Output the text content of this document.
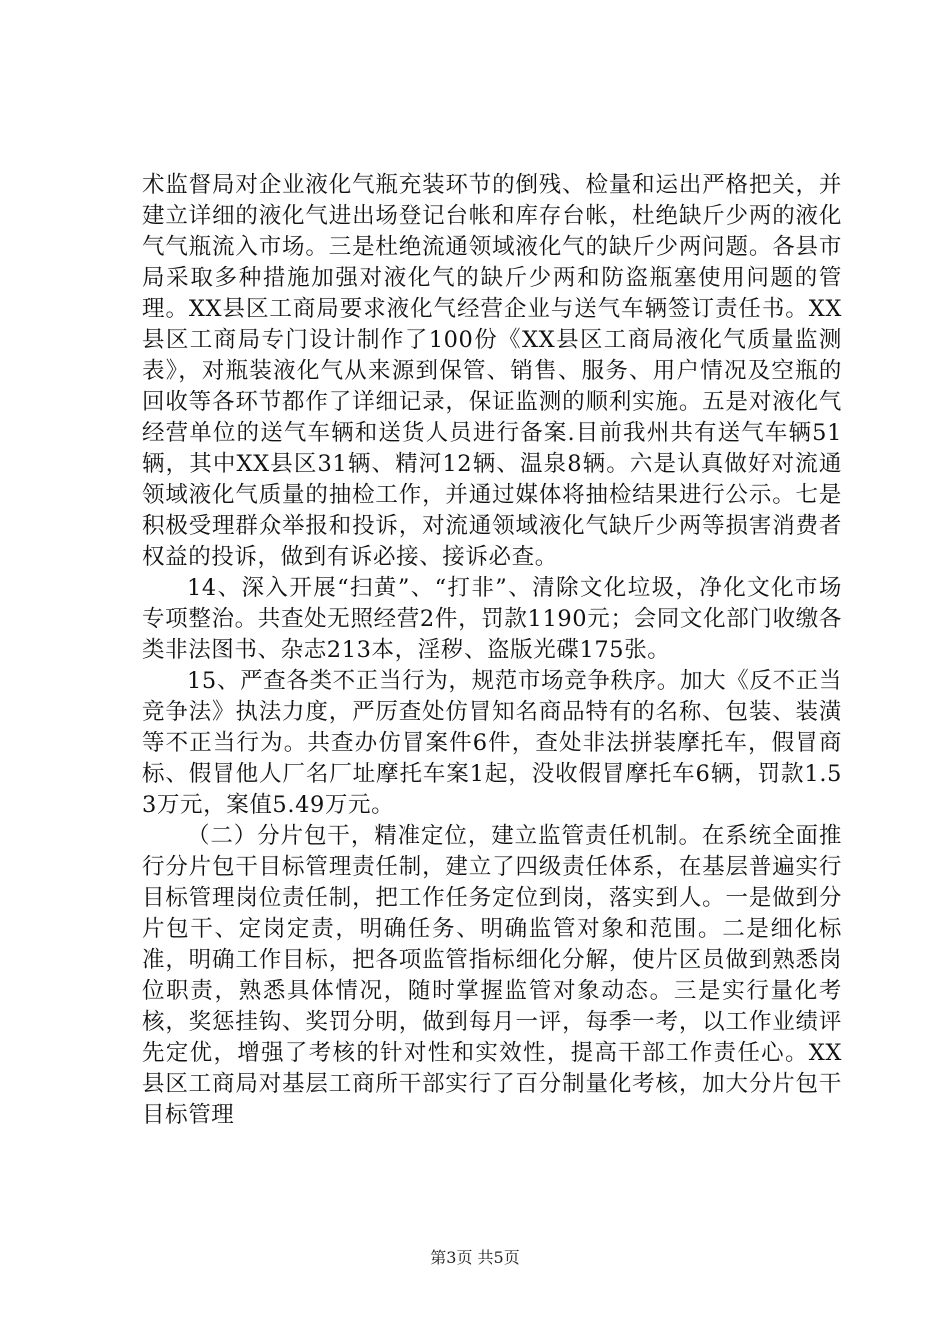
术监督局对企业液化气瓶充装环节的倒残、检量和运出严格把关，并建立详细的液化气进出场登记台帐和库存台帐，杜绝缺斤少两的液化气气瓶流入市场。三是杜绝流通领域液化气的缺斤少两问题。各县市局采取多种措施加强对液化气的缺斤少两和防盗瓶塞使用问题的管理。XX县区工商局要求液化气经营企业与送气车辆签订责任书。XX县区工商局专门设计制作了100份《XX县区工商局液化气质量监测表》，对瓶装液化气从来源到保管、销售、服务、用户情况及空瓶的回收等各环节都作了详细记录，保证监测的顺利实施。五是对液化气经营单位的送气车辆和送货人员进行备案.目前我州共有送气车辆51辆，其中XX县区31辆、精河12辆、温泉8辆。六是认真做好对流通领域液化气质量的抽检工作，并通过媒体将抽检结果进行公示。七是积极受理群众举报和投诉，对流通领域液化气缺斤少两等损害消费者权益的投诉，做到有诉必接、接诉必查。

14、深入开展“扫黄”、“打非”、清除文化垃圾，净化文化市场专项整治。共查处无照经营2件，罚款1190元；会同文化部门收缴各类非法图书、杂志213本，淫秽、盗版光碟175张。

15、严查各类不正当行为，规范市场竞争秩序。加大《反不正当竞争法》执法力度，严厉查处仿冒知名商品特有的名称、包装、装潢等不正当行为。共查办仿冒案件6件，查处非法拼装摩托车，假冒商标、假冒他人厂名厂址摩托车案1起，没收假冒摩托车6辆，罚款1.53万元，案值5.49万元。

（二）分片包干，精准定位，建立监管责任机制。在系统全面推行分片包干目标管理责任制，建立了四级责任体系，在基层普遍实行目标管理岗位责任制，把工作任务定位到岗，落实到人。一是做到分片包干、定岗定责，明确任务、明确监管对象和范围。二是细化标准，明确工作目标，把各项监管指标细化分解，使片区员做到熟悉岗位职责，熟悉具体情况，随时掌握监管对象动态。三是实行量化考核，奖惩挂钩、奖罚分明，做到每月一评，每季一考，以工作业绩评先定优，增强了考核的针对性和实效性，提高干部工作责任心。XX县区工商局对基层工商所干部实行了百分制量化考核，加大分片包干目标管理

第3页 共5页
